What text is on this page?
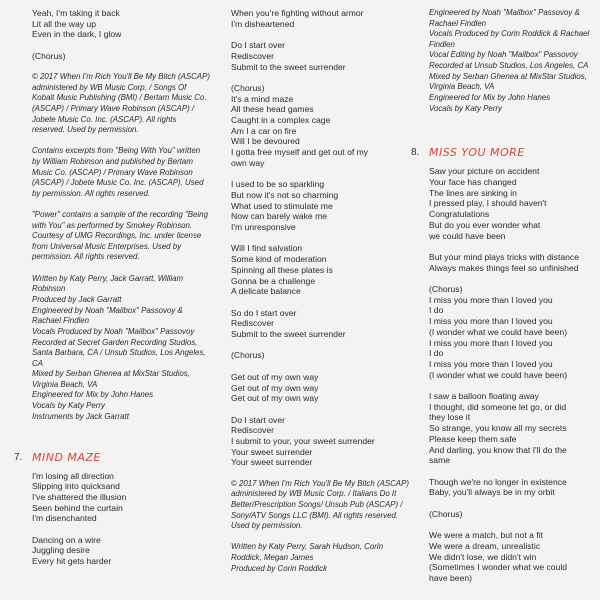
Yeah, I'm taking it back
Lit all the way up
Even in the dark, I glow
(Chorus)
© 2017 When I'm Rich You'll Be My Bitch (ASCAP) administered by WB Music Corp. / Songs Of Kobalt Music Publishing (BMI) / Bertam Music Co. (ASCAP) / Primary Wave Robinson (ASCAP) / Jobete Music Co. Inc. (ASCAP). All rights reserved. Used by permission.
Contains excerpts from "Being With You" written by William Robinson and published by Bertam Music Co. (ASCAP) / Primary Wave Robinson (ASCAP) / Jobete Music Co. Inc. (ASCAP). Used by permission. All rights reserved.
"Power" contains a sample of the recording "Being with You" as performed by Smokey Robinson. Courtesy of UMG Recordings, Inc. under license from Universal Music Enterprises. Used by permission. All rights reserved.
Written by Katy Perry, Jack Garratt, William Robinson
Produced by Jack Garratt
Engineered by Noah "Mailbox" Passovoy & Rachael Findlen
Vocals Produced by Noah "Mailbox" Passovoy
Recorded at Secret Garden Recording Studios, Santa Barbara, CA / Unsub Studios, Los Angeles, CA
Mixed by Serban Ghenea at MixStar Studios, Virginia Beach, VA
Engineered for Mix by John Hanes
Vocals by Katy Perry
Instruments by Jack Garratt
7. MIND MAZE
I'm losing all direction
Slipping into quicksand
I've shattered the illusion
Seen behind the curtain
I'm disenchanted
Dancing on a wire
Juggling desire
Every hit gets harder
When you're fighting without armor
I'm disheartened
Do I start over
Rediscover
Submit to the sweet surrender
(Chorus)
It's a mind maze
All these head games
Caught in a complex cage
Am I a car on fire
Will I be devoured
I gotta free myself and get out of my
own way
I used to be so sparkling
But now it's not so charming
What used to stimulate me
Now can barely wake me
I'm unresponsive
Will I find salvation
Some kind of moderation
Spinning all these plates is
Gonna be a challenge
A delicate balance
So do I start over
Rediscover
Submit to the sweet surrender
(Chorus)
Get out of my own way
Get out of my own way
Get out of my own way
Do I start over
Rediscover
I submit to your, your sweet surrender
Your sweet surrender
Your sweet surrender
© 2017 When I'm Rich You'll Be My Bitch (ASCAP) administered by WB Music Corp. / Italians Do It Better/Prescription Songs/ Unsub Pub (ASCAP) / Sony/ATV Songs LLC (BMI). All rights reserved. Used by permission.
Written by Katy Perry, Sarah Hudson, Corin Roddick, Megan James
Produced by Corin Roddick
Engineered by Noah "Mailbox" Passovoy & Rachael Findlen
Vocals Produced by Corin Roddick & Rachael Findlen
Vocal Editing by Noah "Mailbox" Passovoy
Recorded at Unsub Studios, Los Angeles, CA
Mixed by Serban Ghenea at MixStar Studios, Virginia Beach, VA
Engineered for Mix by John Hanes
Vocals by Katy Perry
8. MISS YOU MORE
Saw your picture on accident
Your face has changed
The lines are sinking in
I pressed play, I should haven't
Congratulations
But do you ever wonder what
we could have been
But your mind plays tricks with distance
Always makes things feel so unfinished
(Chorus)
I miss you more than I loved you
I do
I miss you more than I loved you
(I wonder what we could have been)
I miss you more than I loved you
I do
I miss you more than I loved you
(I wonder what we could have been)
I saw a balloon floating away
I thought, did someone let go, or did
they lose it
So strange, you know all my secrets
Please keep them safe
And darling, you know that I'll do the
same
Though we're no longer in existence
Baby, you'll always be in my orbit
(Chorus)
We were a match, but not a fit
We were a dream, unrealistic
We didn't lose, we didn't win
(Sometimes I wonder what we could
have been)
